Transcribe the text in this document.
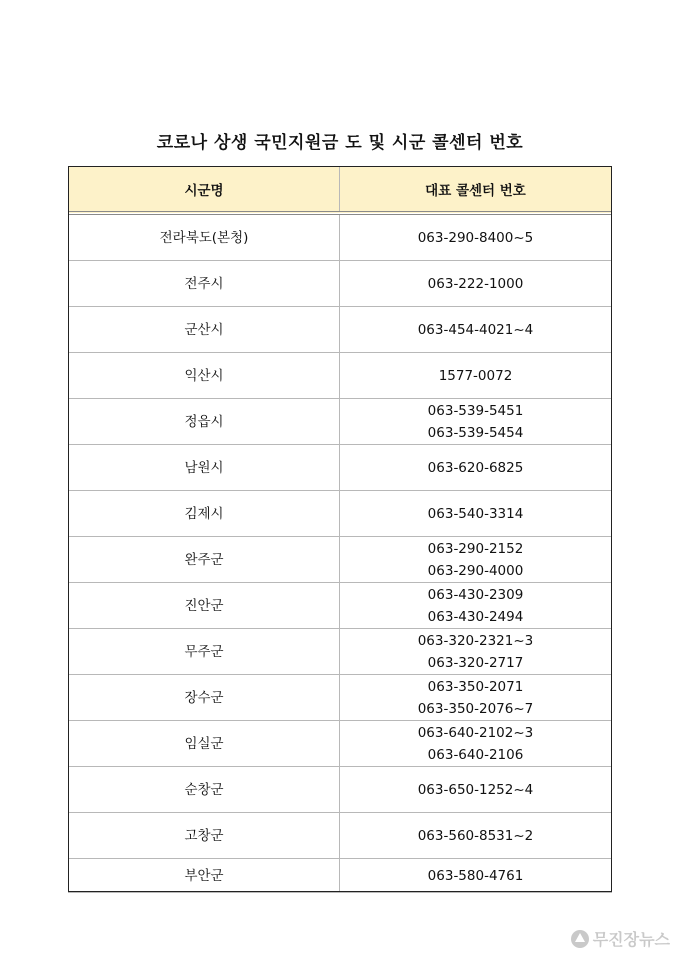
코로나 상생 국민지원금 도 및 시군 콜센터 번호
시군명	대표 콜센터 번호
전라북도(본청)	063-290-8400~5

전주시	063-222-1000

군산시	063-454-4021~4

익산시	1577-0072

정읍시	063-539-5451
063-539-5454

남원시	063-620-6825

김제시	063-540-3314

완주군	063-290-2152
063-290-4000

진안군	063-430-2309
063-430-2494

무주군	063-320-2321~3
063-320-2717

장수군	063-350-2071
063-350-2076~7

임실군	063-640-2102~3
063-640-2106

순창군	063-650-1252~4

고창군	063-560-8531~2

부안군	063-580-4761
무진장뉴스
